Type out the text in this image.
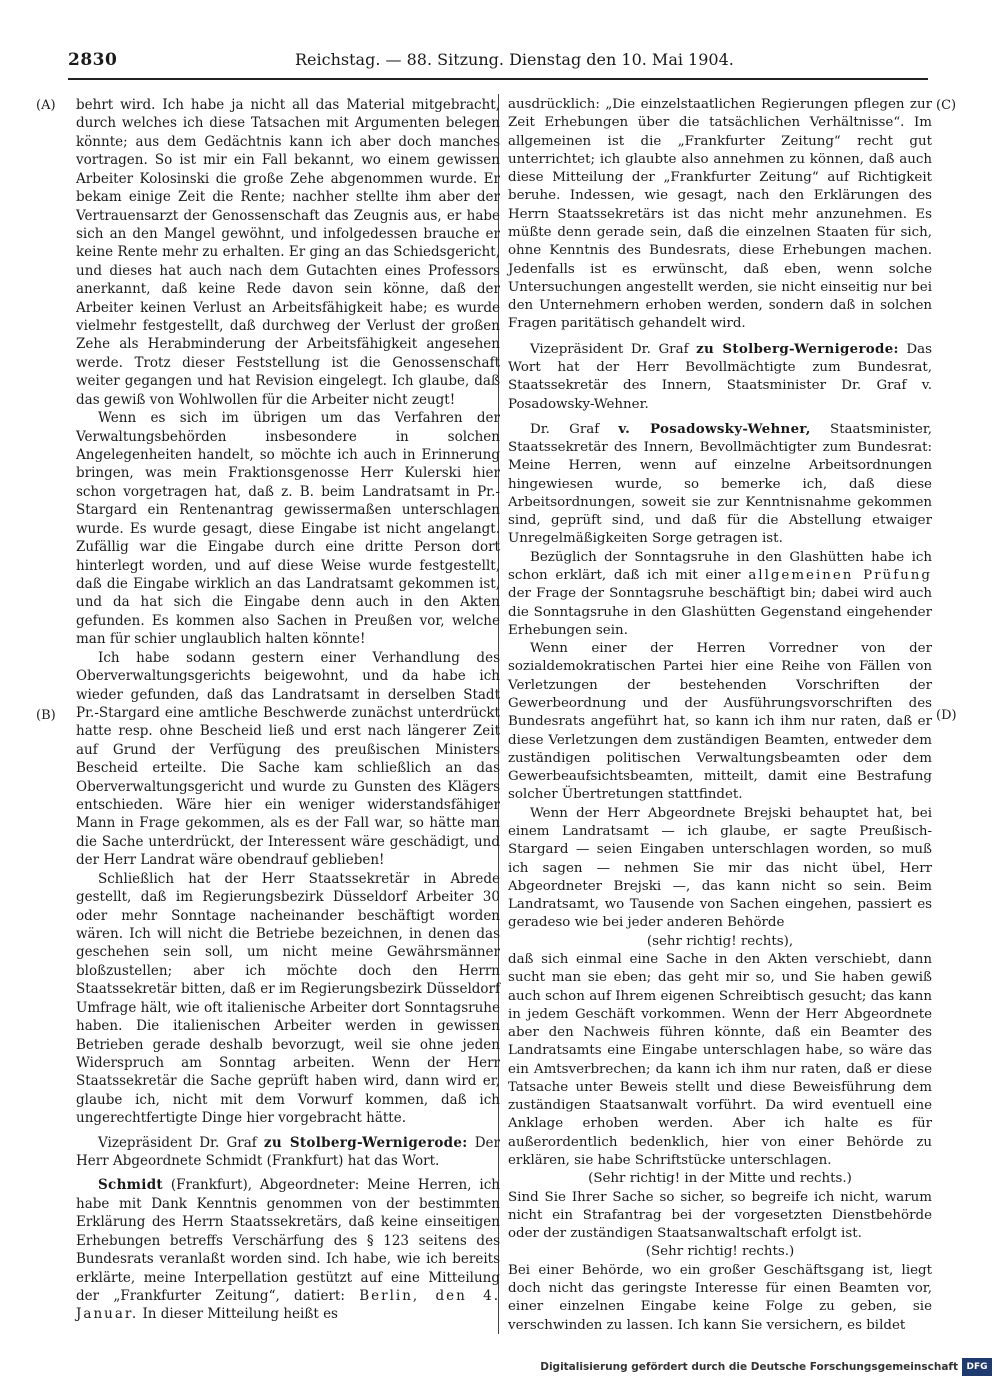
2830	Reichstag. — 88. Sitzung. Dienstag den 10. Mai 1904.
(A)
(B)
(C)
(D)

behrt wird. Ich habe ja nicht all das Material mitgebracht, durch welches ich diese Tatsachen mit Argumenten belegen könnte; aus dem Gedächtnis kann ich aber doch manches vortragen. So ist mir ein Fall bekannt, wo einem gewissen Arbeiter Kolosinski die große Zehe abgenommen wurde. Er bekam einige Zeit die Rente; nachher stellte ihm aber der Vertrauensarzt der Genossenschaft das Zeugnis aus, er habe sich an den Mangel gewöhnt, und infolgedessen brauche er keine Rente mehr zu erhalten. Er ging an das Schiedsgericht, und dieses hat auch nach dem Gutachten eines Professors anerkannt, daß keine Rede davon sein könne, daß der Arbeiter keinen Verlust an Arbeitsfähigkeit habe; es wurde vielmehr festgestellt, daß durchweg der Verlust der großen Zehe als Herabminderung der Arbeitsfähigkeit angesehen werde. Trotz dieser Feststellung ist die Genossenschaft weiter gegangen und hat Revision eingelegt. Ich glaube, daß das gewiß von Wohlwollen für die Arbeiter nicht zeugt!

Wenn es sich im übrigen um das Verfahren der Verwaltungsbehörden insbesondere in solchen Angelegenheiten handelt, so möchte ich auch in Erinnerung bringen, was mein Fraktionsgenosse Herr Kulerski hier schon vorgetragen hat, daß z. B. beim Landratsamt in Pr.-Stargard ein Rentenantrag gewissermaßen unterschlagen wurde. Es wurde gesagt, diese Eingabe ist nicht angelangt. Zufällig war die Eingabe durch eine dritte Person dort hinterlegt worden, und auf diese Weise wurde festgestellt, daß die Eingabe wirklich an das Landratsamt gekommen ist, und da hat sich die Eingabe denn auch in den Akten gefunden. Es kommen also Sachen in Preußen vor, welche man für schier unglaublich halten könnte!

Ich habe sodann gestern einer Verhandlung des Oberverwaltungsgerichts beigewohnt, und da habe ich wieder gefunden, daß das Landratsamt in derselben Stadt Pr.-Stargard eine amtliche Beschwerde zunächst unterdrückt hatte resp. ohne Bescheid ließ und erst nach längerer Zeit auf Grund der Verfügung des preußischen Ministers Bescheid erteilte. Die Sache kam schließlich an das Oberverwaltungsgericht und wurde zu Gunsten des Klägers entschieden. Wäre hier ein weniger widerstandsfähiger Mann in Frage gekommen, als es der Fall war, so hätte man die Sache unterdrückt, der Interessent wäre geschädigt, und der Herr Landrat wäre obendrauf geblieben!

Schließlich hat der Herr Staatssekretär in Abrede gestellt, daß im Regierungsbezirk Düsseldorf Arbeiter 30 oder mehr Sonntage nacheinander beschäftigt worden wären. Ich will nicht die Betriebe bezeichnen, in denen das geschehen sein soll, um nicht meine Gewährsmänner bloßzustellen; aber ich möchte doch den Herrn Staatssekretär bitten, daß er im Regierungsbezirk Düsseldorf Umfrage hält, wie oft italienische Arbeiter dort Sonntagsruhe haben. Die italienischen Arbeiter werden in gewissen Betrieben gerade deshalb bevorzugt, weil sie ohne jeden Widerspruch am Sonntag arbeiten. Wenn der Herr Staatssekretär die Sache geprüft haben wird, dann wird er, glaube ich, nicht mit dem Vorwurf kommen, daß ich ungerechtfertigte Dinge hier vorgebracht hätte.

Vizepräsident Dr. Graf zu Stolberg-Wernigerode: Der Herr Abgeordnete Schmidt (Frankfurt) hat das Wort.

Schmidt (Frankfurt), Abgeordneter: Meine Herren, ich habe mit Dank Kenntnis genommen von der bestimmten Erklärung des Herrn Staatssekretärs, daß keine einseitigen Erhebungen betreffs Verschärfung des § 123 seitens des Bundesrats veranlaßt worden sind. Ich habe, wie ich bereits erklärte, meine Interpellation gestützt auf eine Mitteilung der „Frankfurter Zeitung“, datiert: Berlin, den 4. Januar. In dieser Mitteilung heißt es

ausdrücklich: „Die einzelstaatlichen Regierungen pflegen zur Zeit Erhebungen über die tatsächlichen Verhältnisse“. Im allgemeinen ist die „Frankfurter Zeitung“ recht gut unterrichtet; ich glaubte also annehmen zu können, daß auch diese Mitteilung der „Frankfurter Zeitung“ auf Richtigkeit beruhe. Indessen, wie gesagt, nach den Erklärungen des Herrn Staatssekretärs ist das nicht mehr anzunehmen. Es müßte denn gerade sein, daß die einzelnen Staaten für sich, ohne Kenntnis des Bundesrats, diese Erhebungen machen. Jedenfalls ist es erwünscht, daß eben, wenn solche Untersuchungen angestellt werden, sie nicht einseitig nur bei den Unternehmern erhoben werden, sondern daß in solchen Fragen paritätisch gehandelt wird.

Vizepräsident Dr. Graf zu Stolberg-Wernigerode: Das Wort hat der Herr Bevollmächtigte zum Bundesrat, Staatssekretär des Innern, Staatsminister Dr. Graf v. Posadowsky-Wehner.

Dr. Graf v. Posadowsky-Wehner, Staatsminister, Staatssekretär des Innern, Bevollmächtigter zum Bundesrat: Meine Herren, wenn auf einzelne Arbeitsordnungen hingewiesen wurde, so bemerke ich, daß diese Arbeitsordnungen, soweit sie zur Kenntnisnahme gekommen sind, geprüft sind, und daß für die Abstellung etwaiger Unregelmäßigkeiten Sorge getragen ist.

Bezüglich der Sonntagsruhe in den Glashütten habe ich schon erklärt, daß ich mit einer allgemeinen Prüfung der Frage der Sonntagsruhe beschäftigt bin; dabei wird auch die Sonntagsruhe in den Glashütten Gegenstand eingehender Erhebungen sein.

Wenn einer der Herren Vorredner von der sozialdemokratischen Partei hier eine Reihe von Fällen von Verletzungen der bestehenden Vorschriften der Gewerbeordnung und der Ausführungsvorschriften des Bundesrats angeführt hat, so kann ich ihm nur raten, daß er diese Verletzungen dem zuständigen Beamten, entweder dem zuständigen politischen Verwaltungsbeamten oder dem Gewerbeaufsichtsbeamten, mitteilt, damit eine Bestrafung solcher Übertretungen stattfindet.

Wenn der Herr Abgeordnete Brejski behauptet hat, bei einem Landratsamt — ich glaube, er sagte Preußisch-Stargard — seien Eingaben unterschlagen worden, so muß ich sagen — nehmen Sie mir das nicht übel, Herr Abgeordneter Brejski —, das kann nicht so sein. Beim Landratsamt, wo Tausende von Sachen eingehen, passiert es geradeso wie bei jeder anderen Behörde

(sehr richtig! rechts),

daß sich einmal eine Sache in den Akten verschiebt, dann sucht man sie eben; das geht mir so, und Sie haben gewiß auch schon auf Ihrem eigenen Schreibtisch gesucht; das kann in jedem Geschäft vorkommen. Wenn der Herr Abgeordnete aber den Nachweis führen könnte, daß ein Beamter des Landratsamts eine Eingabe unterschlagen habe, so wäre das ein Amtsverbrechen; da kann ich ihm nur raten, daß er diese Tatsache unter Beweis stellt und diese Beweisführung dem zuständigen Staatsanwalt vorführt. Da wird eventuell eine Anklage erhoben werden. Aber ich halte es für außerordentlich bedenklich, hier von einer Behörde zu erklären, sie habe Schriftstücke unterschlagen.

(Sehr richtig! in der Mitte und rechts.)

Sind Sie Ihrer Sache so sicher, so begreife ich nicht, warum nicht ein Strafantrag bei der vorgesetzten Dienstbehörde oder der zuständigen Staatsanwaltschaft erfolgt ist.

(Sehr richtig! rechts.)

Bei einer Behörde, wo ein großer Geschäftsgang ist, liegt doch nicht das geringste Interesse für einen Beamten vor, einer einzelnen Eingabe keine Folge zu geben, sie verschwinden zu lassen. Ich kann Sie versichern, es bildet

Digitalisierung gefördert durch die Deutsche Forschungsgemeinschaft DFG
